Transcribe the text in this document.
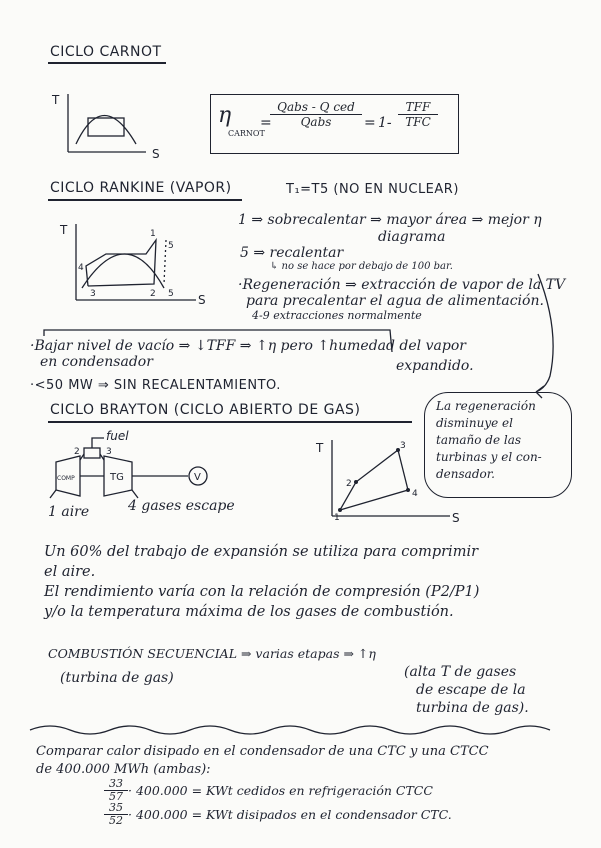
CICLO CARNOT
T
S
η
CARNOT
=
Qabs - Q ced
Qabs	= 1-
TFF
TFC
CICLO RANKINE (VAPOR)	T₁=T5 (NO EN NUCLEAR)
T
S
4
3	2
1
5
5
1 ⇒ sobrecalentar ⇒ mayor área ⇒ mejor η
diagrama
5 ⇒ recalentar
↳ no se hace por debajo de 100 bar.
·Regeneración ⇒ extracción de vapor de la TV
para precalentar el agua de alimentación.
4-9 extracciones normalmente
·Bajar nivel de vacío ⇒ ↓TFF ⇒ ↑η pero ↑humedad del vapor
en condensador	expandido.
·<50 MW ⇒ SIN RECALENTAMIENTO.
La regeneración
disminuye el
tamaño de las
turbinas y el con-
densador.
CICLO BRAYTON (CICLO ABIERTO DE GAS)
fuel
COMP	TG	V
2	3
1 aire	4 gases escape
T
S
1
2
3
4
Un 60% del trabajo de expansión se utiliza para comprimir
el aire.
El rendimiento varía con la relación de compresión (P2/P1)
y/o la temperatura máxima de los gases de combustión.
COMBUSTIÓN SECUENCIAL ⇒ varias etapas ⇒ ↑η
(turbina de gas)	(alta T de gases
de escape de la
turbina de gas).
Comparar calor disipado en el condensador de una CTC y una CTCC
de 400.000 MWh (ambas):
$\frac{33}{57} \cdot 400.000$ = KWt cedidos en refrigeración CTCC
$\frac{35}{52} \cdot 400.000$ = KWt disipados en el condensador CTC.
